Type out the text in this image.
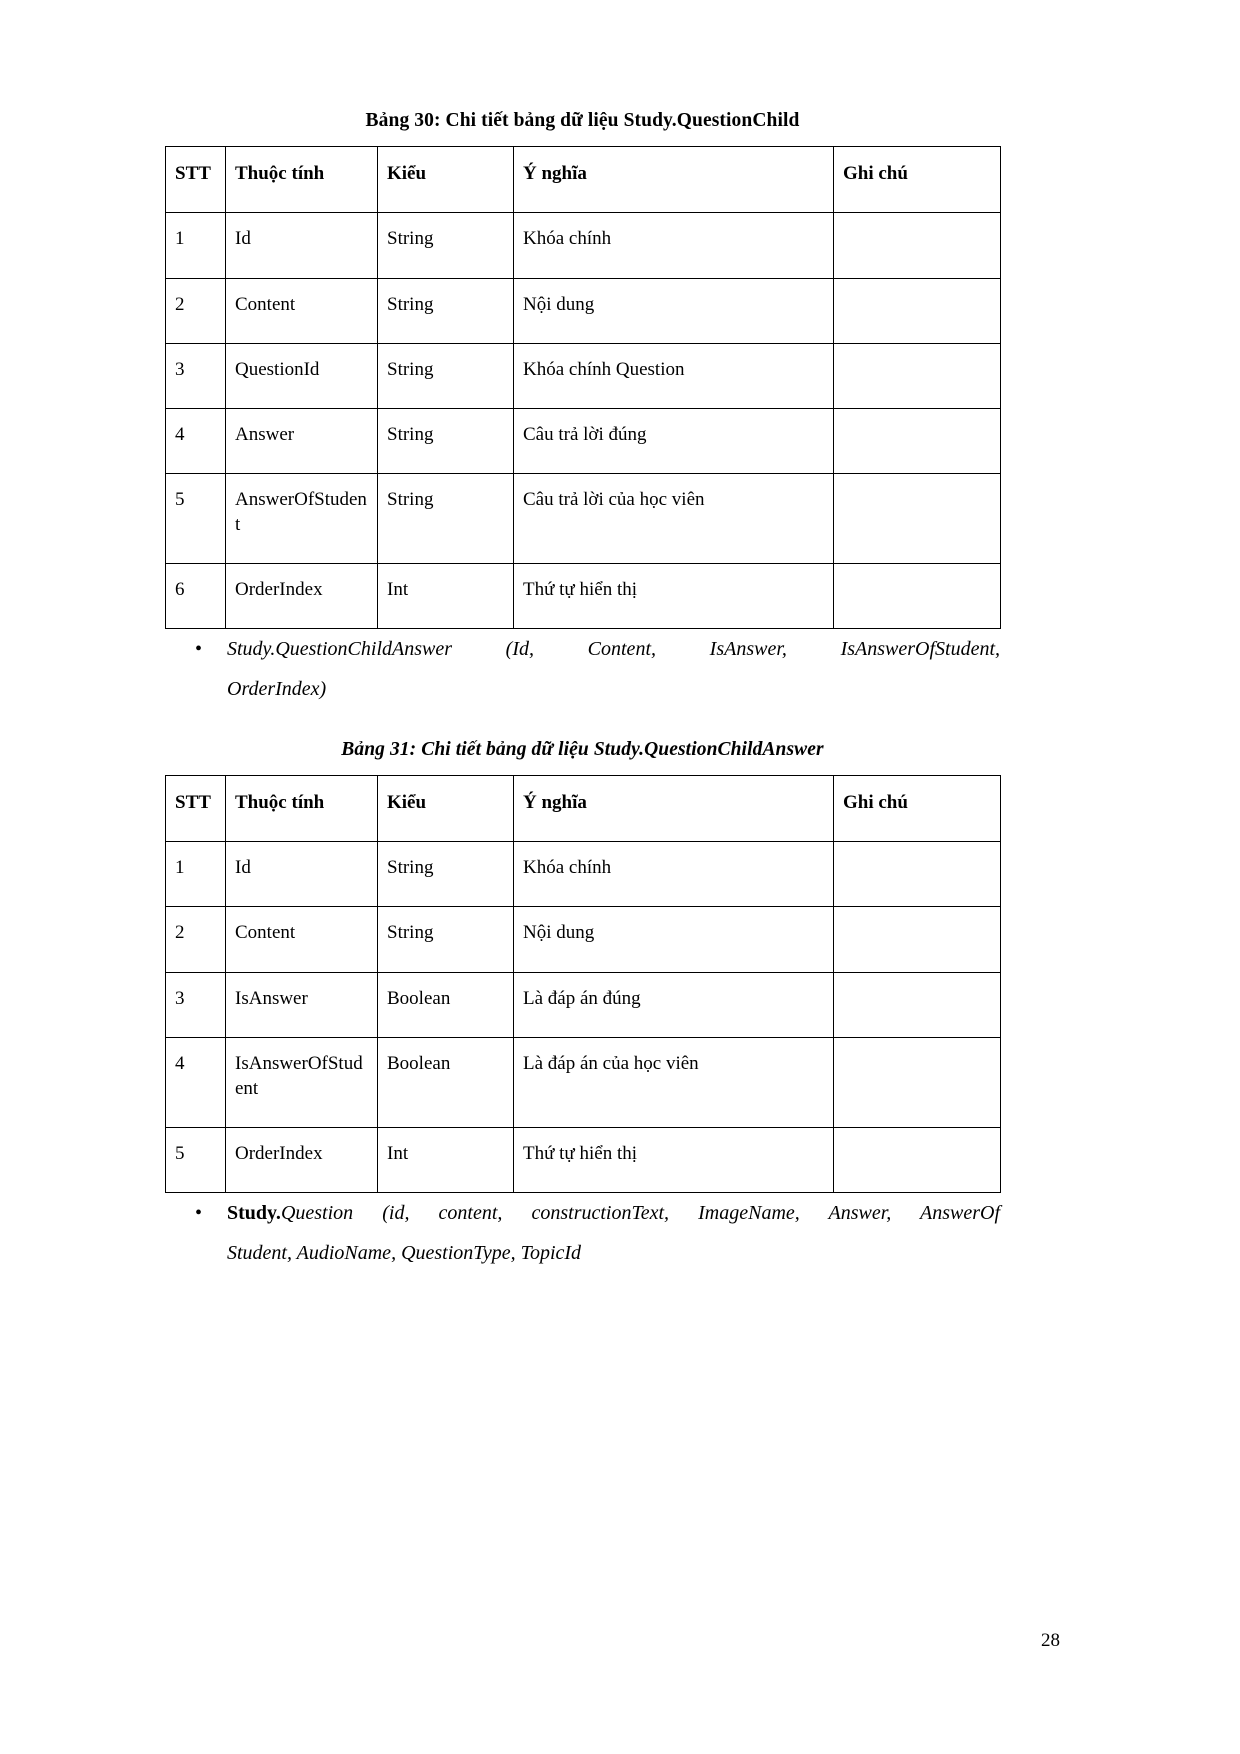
Bảng 30: Chi tiết bảng dữ liệu Study.QuestionChild
STT	Thuộc tính	Kiểu	Ý nghĩa	Ghi chú
1	Id	String	Khóa chính	
2	Content	String	Nội dung	
3	QuestionId	String	Khóa chính Question	
4	Answer	String	Câu trả lời đúng	
5	AnswerOfStudent	String	Câu trả lời của học viên	
6	OrderIndex	Int	Thứ tự hiển thị	
• Study.QuestionChildAnswer (Id, Content, IsAnswer, IsAnswerOfStudent,
OrderIndex)
Bảng 31: Chi tiết bảng dữ liệu Study.QuestionChildAnswer
STT	Thuộc tính	Kiểu	Ý nghĩa	Ghi chú
1	Id	String	Khóa chính	
2	Content	String	Nội dung	
3	IsAnswer	Boolean	Là đáp án đúng	
4	IsAnswerOfStudent	Boolean	Là đáp án của học viên	
5	OrderIndex	Int	Thứ tự hiển thị	
• Study.Question (id, content, constructionText, ImageName, Answer, AnswerOf
Student, AudioName, QuestionType, TopicId
28
